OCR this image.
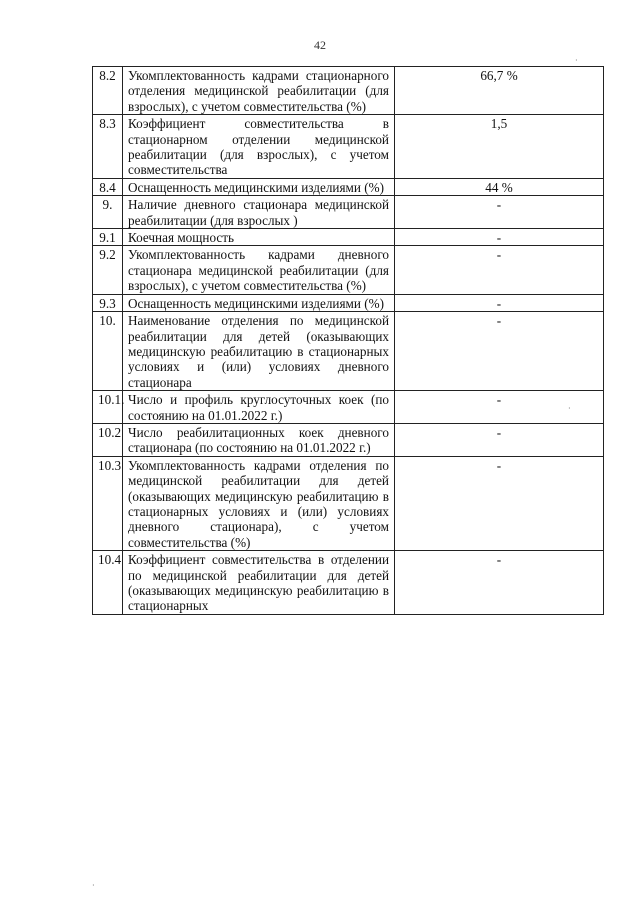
42
8.2	Укомплектованность кадрами стационарного отделения медицинской реабилитации (для взрослых), с учетом совместительства (%)	66,7 %
8.3	Коэффициент совместительства в стационарном отделении медицинской реабилитации (для взрослых), с учетом совместительства	1,5
8.4	Оснащенность медицинскими изделиями (%)	44 %
9.	Наличие дневного стационара медицинской реабилитации (для взрослых )	-
9.1	Коечная мощность	-
9.2	Укомплектованность кадрами дневного стационара медицинской реабилитации (для взрослых), с учетом совместительства (%)	-
9.3	Оснащенность медицинскими изделиями (%)	-
10.	Наименование отделения по медицинской реабилитации для детей (оказывающих медицинскую реабилитацию в стационарных условиях и (или) условиях дневного стационара	-
10.1.	Число и профиль круглосуточных коек (по состоянию на 01.01.2022 г.)	-
10.2	Число реабилитационных коек дневного стационара (по состоянию на 01.01.2022 г.)	-
10.3	Укомплектованность кадрами отделения по медицинской реабилитации для детей (оказывающих медицинскую реабилитацию в стационарных условиях и (или) условиях дневного стационара), с учетом совместительства (%)	-
10.4	Коэффициент совместительства в отделении по медицинской реабилитации для детей (оказывающих медицинскую реабилитацию в стационарных	-
·
·
·
